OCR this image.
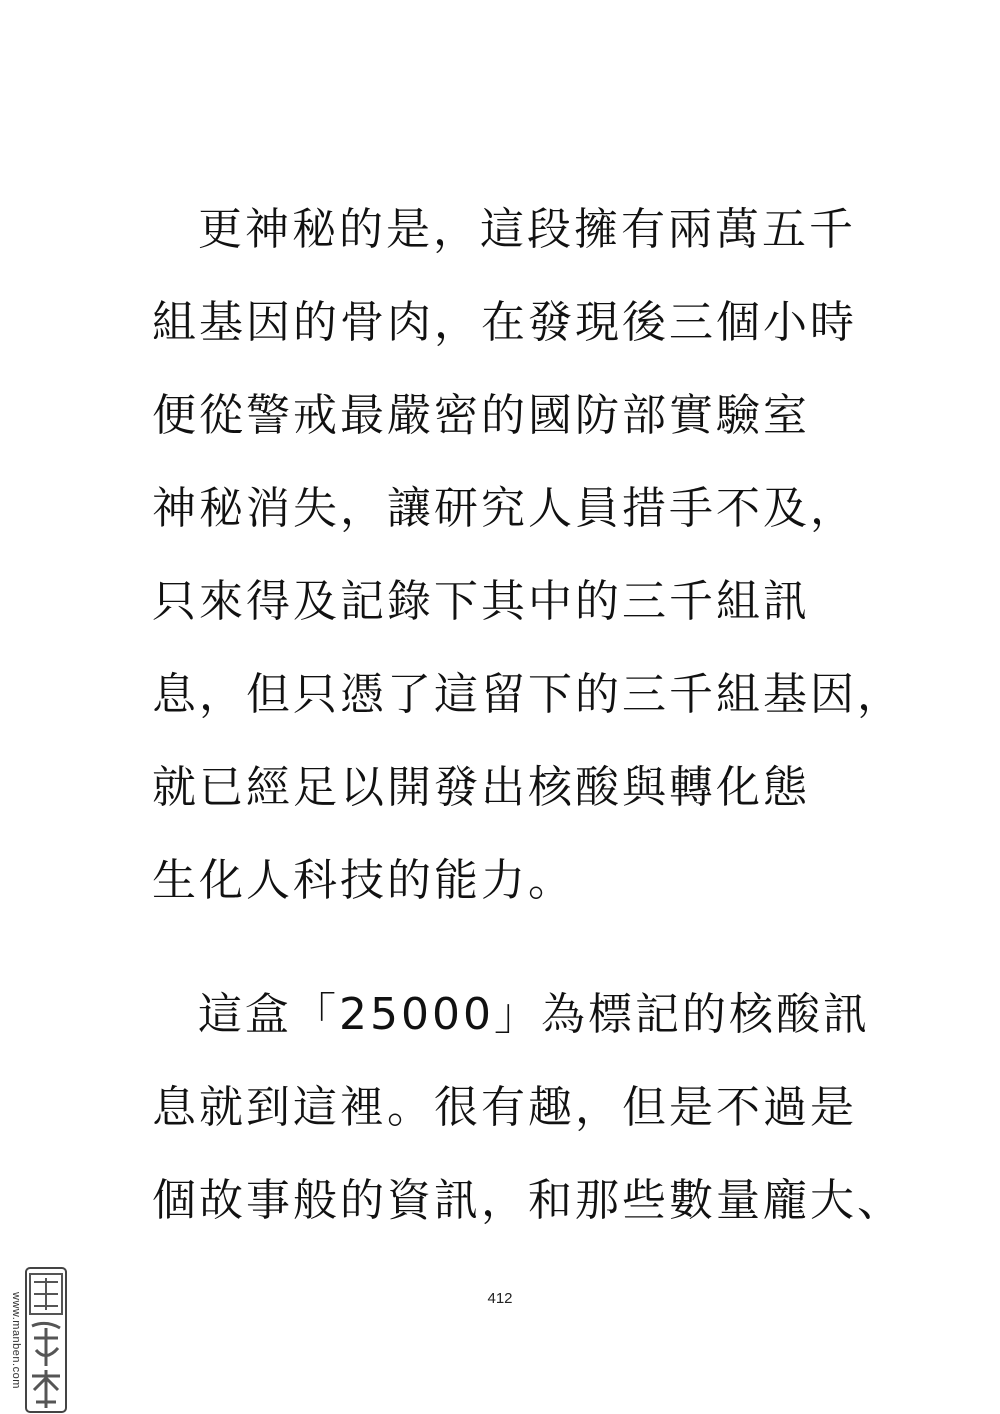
更神秘的是，這段擁有兩萬五千
組基因的骨肉，在發現後三個小時
便從警戒最嚴密的國防部實驗室
神秘消失，讓研究人員措手不及，
只來得及記錄下其中的三千組訊
息，但只憑了這留下的三千組基因，
就已經足以開發出核酸與轉化態
生化人科技的能力。
這盒「25000」為標記的核酸訊
息就到這裡。很有趣，但是不過是
個故事般的資訊，和那些數量龐大、
412
www.manben.com
